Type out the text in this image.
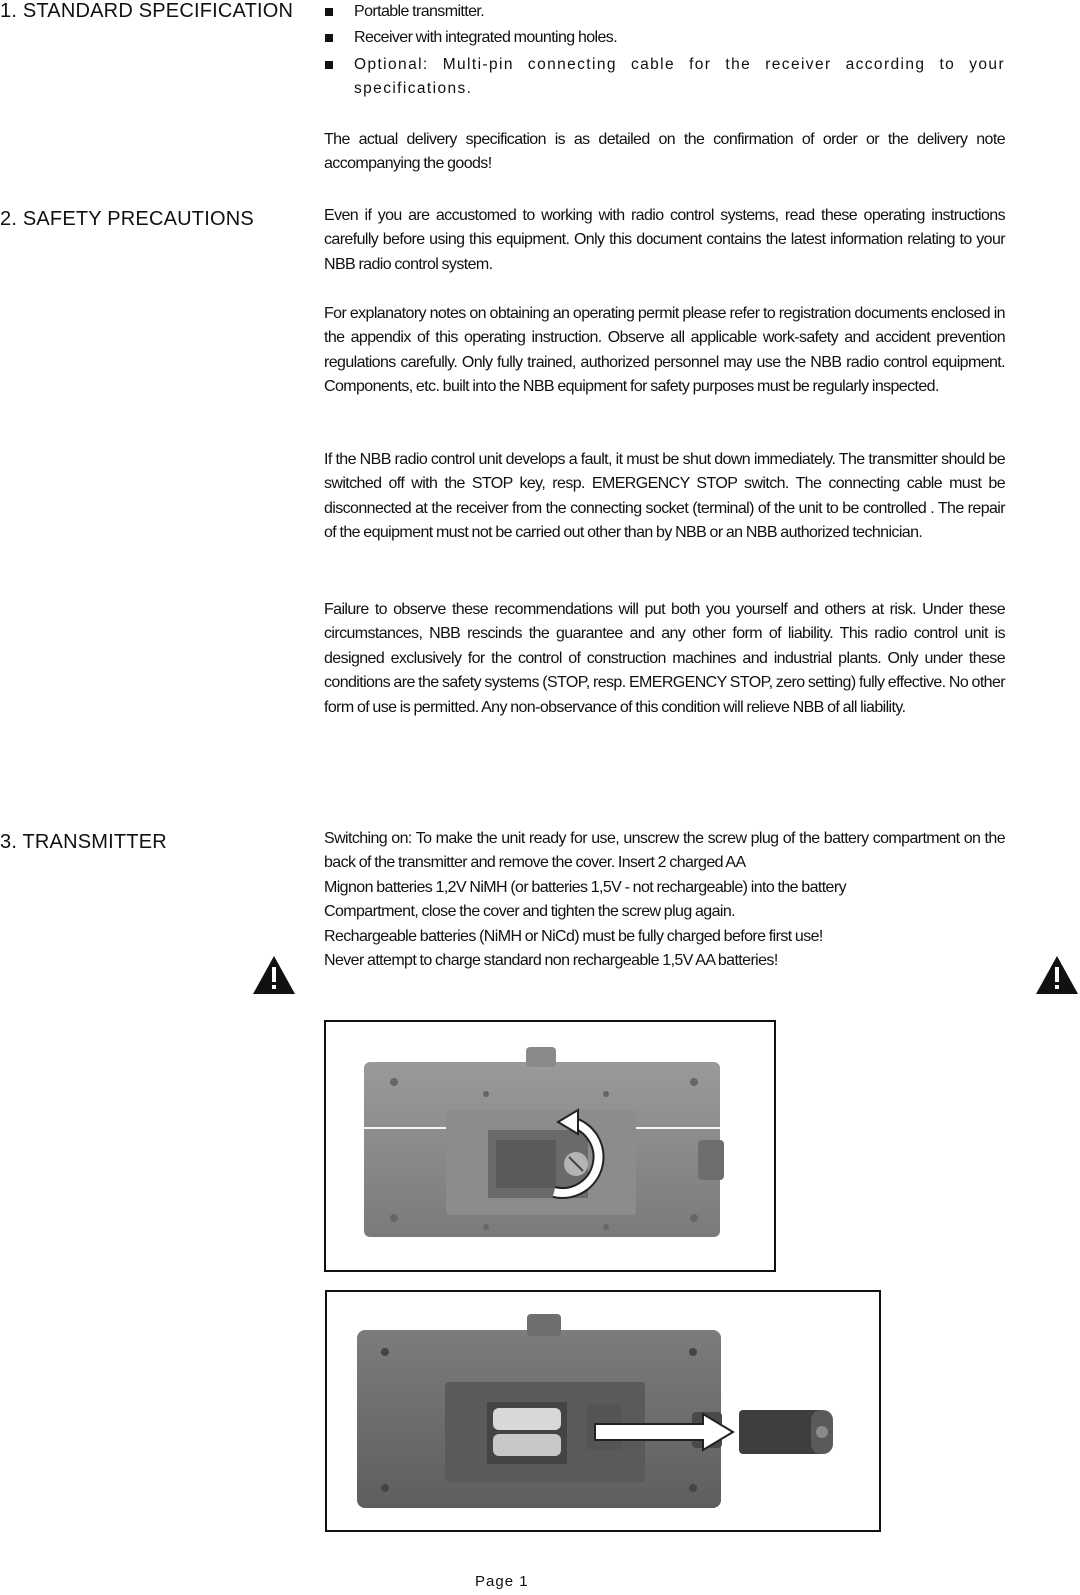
1. STANDARD SPECIFICATION	Portable transmitter.
Receiver with integrated mounting holes.
Optional: Multi-pin connecting cable for the receiver according to your specifications.

The actual delivery specification is as detailed on the confirmation of order or the delivery note accompanying the goods!

2. SAFETY PRECAUTIONS	Even if you are accustomed to working with radio control systems, read these operating instructions carefully before using this equipment. Only this document contains the latest information relating to your NBB radio control system.

For explanatory notes on obtaining an operating permit please refer to registration documents enclosed in the appendix of this operating instruction. Observe all applicable work-safety and accident prevention regulations carefully. Only fully trained, authorized personnel may use the NBB radio control equipment. Components, etc. built into the NBB equipment for safety purposes must be regularly inspected.

If the NBB radio control unit develops a fault, it must be shut down immediately. The transmitter should be switched off with the STOP key, resp. EMERGENCY STOP switch. The connecting cable must be disconnected at the receiver from the connecting socket (terminal) of the unit to be controlled . The repair of the equipment must not be carried out other than by NBB or an NBB authorized technician.

Failure to observe these recommendations will put both you yourself and others at risk. Under these circumstances, NBB rescinds the guarantee and any other form of liability. This radio control unit is designed exclusively for the control of construction machines and industrial plants. Only under these conditions are the safety systems (STOP, resp. EMERGENCY STOP, zero setting) fully effective. No other form of use is permitted. Any non-observance of this condition will relieve NBB of all liability.

3. TRANSMITTER	Switching on: To make the unit ready for use, unscrew the screw plug of the battery compartment on the back of the transmitter and remove the cover. Insert 2 charged AA

Mignon batteries 1,2V NiMH (or batteries 1,5V - not rechargeable) into the battery

Compartment, close the cover and tighten the screw plug again.

Rechargeable batteries (NiMH or NiCd) must be fully charged before first use!

Never attempt to charge standard non rechargeable 1,5V AA batteries!

Page 1
